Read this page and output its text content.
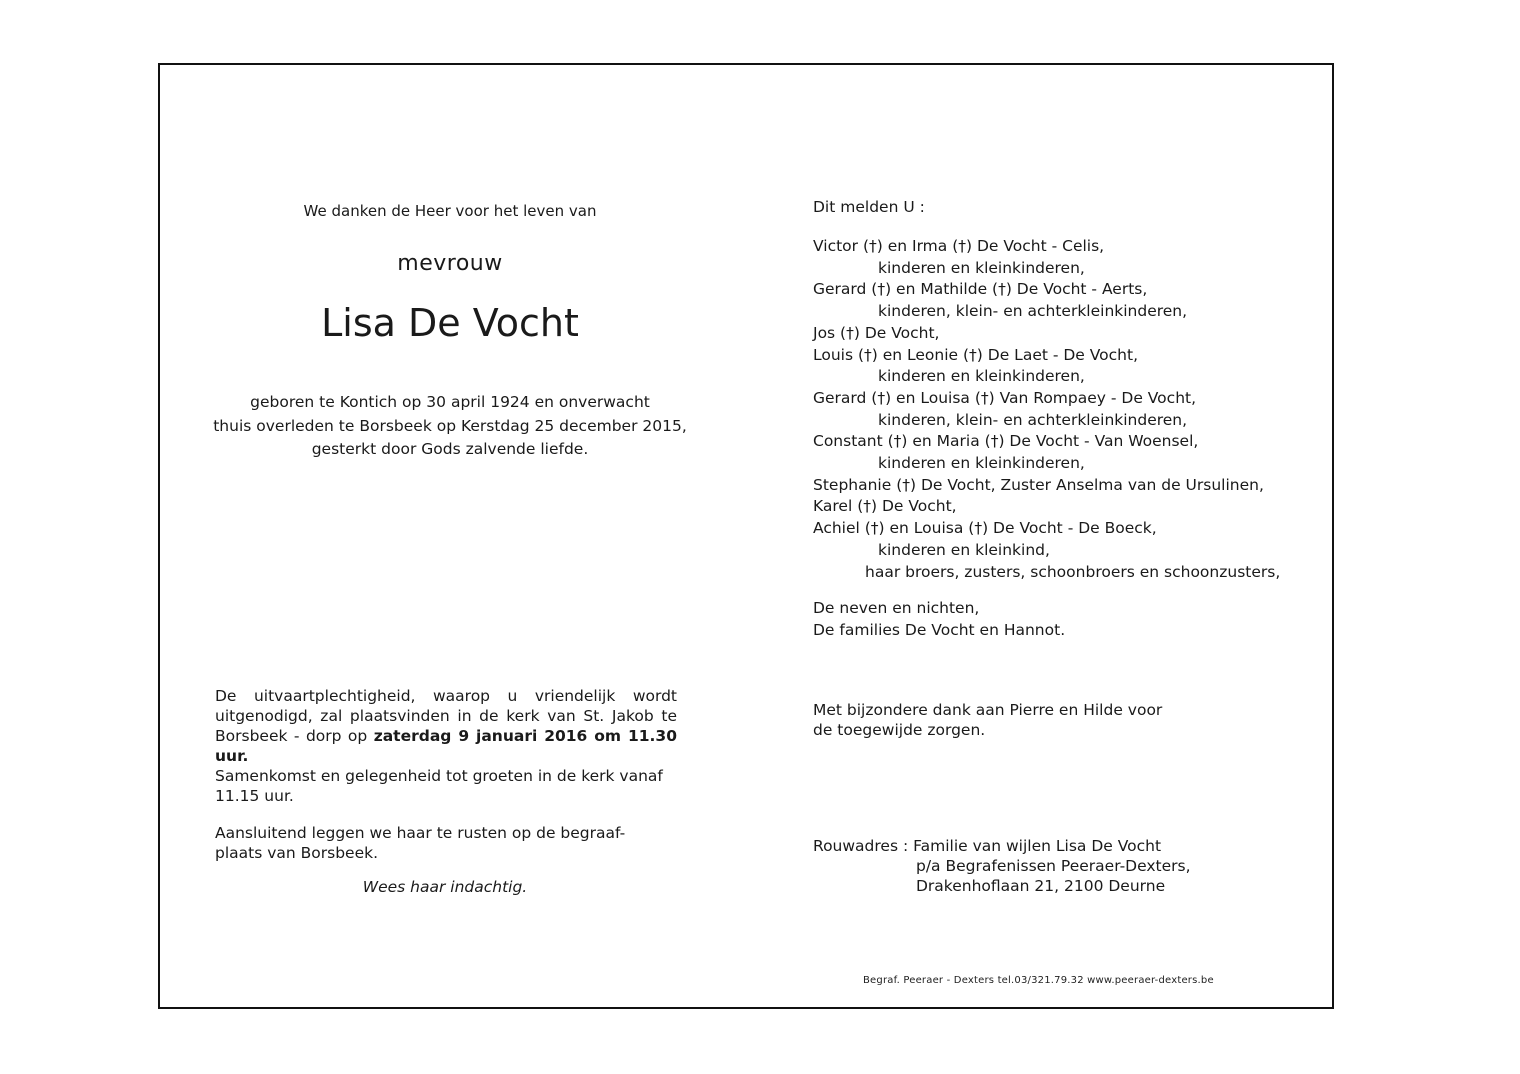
We danken de Heer voor het leven van
mevrouw
Lisa De Vocht
geboren te Kontich op 30 april 1924 en onverwacht
thuis overleden te Borsbeek op Kerstdag 25 december 2015,
gesterkt door Gods zalvende liefde.
De uitvaartplechtigheid, waarop u vriendelijk wordt uitgenodigd, zal plaatsvinden in de kerk van St. Jakob te Borsbeek - dorp op zaterdag 9 januari 2016 om 11.30 uur.
Samenkomst en gelegenheid tot groeten in de kerk vanaf 11.15 uur.
Aansluitend leggen we haar te rusten op de begraaf-
plaats van Borsbeek.
Wees haar indachtig.
Dit melden U :
Victor (†) en Irma (†) De Vocht - Celis,
kinderen en kleinkinderen,
Gerard (†) en Mathilde (†) De Vocht - Aerts,
kinderen, klein- en achterkleinkinderen,
Jos (†) De Vocht,
Louis (†) en Leonie (†) De Laet - De Vocht,
kinderen en kleinkinderen,
Gerard (†) en Louisa (†) Van Rompaey - De Vocht,
kinderen, klein- en achterkleinkinderen,
Constant (†) en Maria (†) De Vocht - Van Woensel,
kinderen en kleinkinderen,
Stephanie (†) De Vocht, Zuster Anselma van de Ursulinen,
Karel (†) De Vocht,
Achiel (†) en Louisa (†) De Vocht - De Boeck,
kinderen en kleinkind,
haar broers, zusters, schoonbroers en schoonzusters,
De neven en nichten,
De families De Vocht en Hannot.
Met bijzondere dank aan Pierre en Hilde voor
de toegewijde zorgen.
Rouwadres : Familie van wijlen Lisa De Vocht
p/a Begrafenissen Peeraer-Dexters,
Drakenhoflaan 21, 2100 Deurne
Begraf. Peeraer - Dexters tel.03/321.79.32 www.peeraer-dexters.be
